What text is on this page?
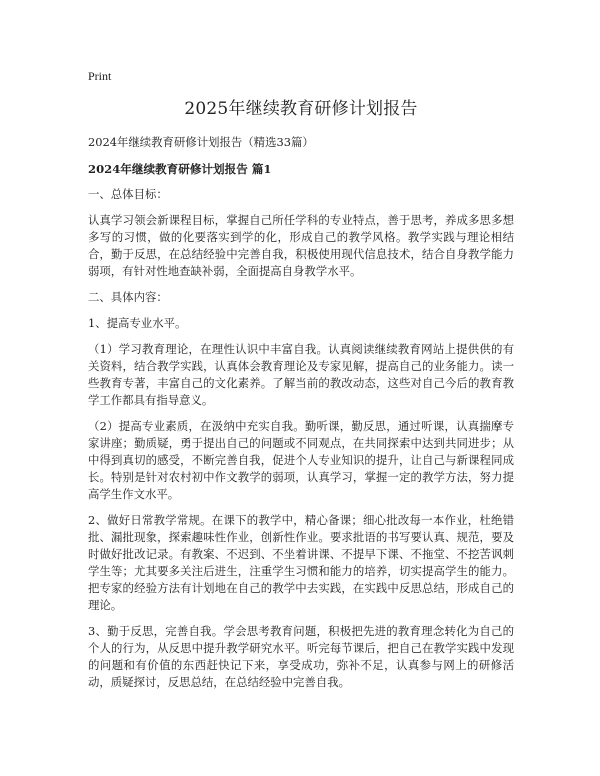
Print
2025年继续教育研修计划报告

2024年继续教育研修计划报告（精选33篇）

2024年继续教育研修计划报告 篇1

一、总体目标：

认真学习领会新课程目标，掌握自己所任学科的专业特点，善于思考，养成多思多想多写的习惯，做的化要落实到学的化，形成自己的教学风格。教学实践与理论相结合，勤于反思，在总结经验中完善自我，积极使用现代信息技术，结合自身教学能力弱项，有针对性地查缺补弱，全面提高自身教学水平。

二、具体内容：

1、提高专业水平。

（1）学习教育理论，在理性认识中丰富自我。认真阅读继续教育网站上提供供的有关资料，结合教学实践，认真体会教育理论及专家见解，提高自己的业务能力。读一些教育专著，丰富自己的文化素养。了解当前的教改动态，这些对自己今后的教育教学工作都具有指导意义。

（2）提高专业素质，在汲纳中充实自我。勤听课，勤反思，通过听课，认真揣摩专家讲座；勤质疑，勇于提出自己的问题或不同观点，在共同探索中达到共同进步；从中得到真切的感受，不断完善自我，促进个人专业知识的提升，让自己与新课程同成长。特别是针对农村初中作文教学的弱项，认真学习，掌握一定的教学方法，努力提高学生作文水平。

2、做好日常教学常规。在课下的教学中，精心备课；细心批改每一本作业，杜绝错批、漏批现象，探索趣味性作业，创新性作业。要求批语的书写要认真、规范，要及时做好批改记录。有教案、不迟到、不坐着讲课、不提早下课、不拖堂、不挖苦讽刺学生等；尤其要多关注后进生，注重学生习惯和能力的培养，切实提高学生的能力。把专家的经验方法有计划地在自己的教学中去实践，在实践中反思总结，形成自己的理论。

3、勤于反思，完善自我。学会思考教育问题，积极把先进的教育理念转化为自己的个人的行为，从反思中提升教学研究水平。听完每节课后，把自己在教学实践中发现的问题和有价值的东西赶快记下来，享受成功，弥补不足，认真参与网上的研修活动，质疑探讨，反思总结，在总结经验中完善自我。
